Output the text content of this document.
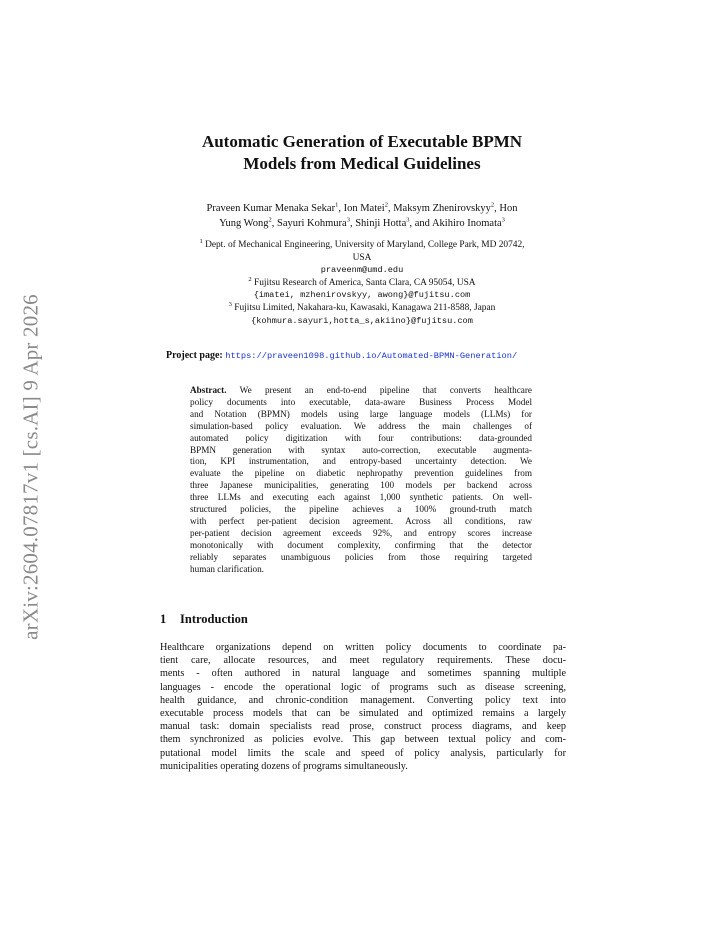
arXiv:2604.07817v1 [cs.AI] 9 Apr 2026
Automatic Generation of Executable BPMN
Models from Medical Guidelines
Praveen Kumar Menaka Sekar$^1$, Ion Matei$^2$, Maksym Zhenirovskyy$^2$, Hon
Yung Wong$^2$, Sayuri Kohmura$^3$, Shinji Hotta$^3$, and Akihiro Inomata$^3$
$^1$ Dept. of Mechanical Engineering, University of Maryland, College Park, MD 20742,
USA
praveenm@umd.edu
$^2$ Fujitsu Research of America, Santa Clara, CA 95054, USA
{imatei, mzhenirovskyy, awong}@fujitsu.com
$^3$ Fujitsu Limited, Nakahara-ku, Kawasaki, Kanagawa 211-8588, Japan
{kohmura.sayuri,hotta_s,akiino}@fujitsu.com
Project page: https://praveen1098.github.io/Automated-BPMN-Generation/
Abstract. We present an end-to-end pipeline that converts healthcare
policy documents into executable, data-aware Business Process Model
and Notation (BPMN) models using large language models (LLMs) for
simulation-based policy evaluation. We address the main challenges of
automated policy digitization with four contributions: data-grounded
BPMN generation with syntax auto-correction, executable augmenta-
tion, KPI instrumentation, and entropy-based uncertainty detection. We
evaluate the pipeline on diabetic nephropathy prevention guidelines from
three Japanese municipalities, generating 100 models per backend across
three LLMs and executing each against 1,000 synthetic patients. On well-
structured policies, the pipeline achieves a 100% ground-truth match
with perfect per-patient decision agreement. Across all conditions, raw
per-patient decision agreement exceeds 92%, and entropy scores increase
monotonically with document complexity, confirming that the detector
reliably separates unambiguous policies from those requiring targeted
human clarification.
1 Introduction
Healthcare organizations depend on written policy documents to coordinate pa-
tient care, allocate resources, and meet regulatory requirements. These docu-
ments - often authored in natural language and sometimes spanning multiple
languages - encode the operational logic of programs such as disease screening,
health guidance, and chronic-condition management. Converting policy text into
executable process models that can be simulated and optimized remains a largely
manual task: domain specialists read prose, construct process diagrams, and keep
them synchronized as policies evolve. This gap between textual policy and com-
putational model limits the scale and speed of policy analysis, particularly for
municipalities operating dozens of programs simultaneously.
